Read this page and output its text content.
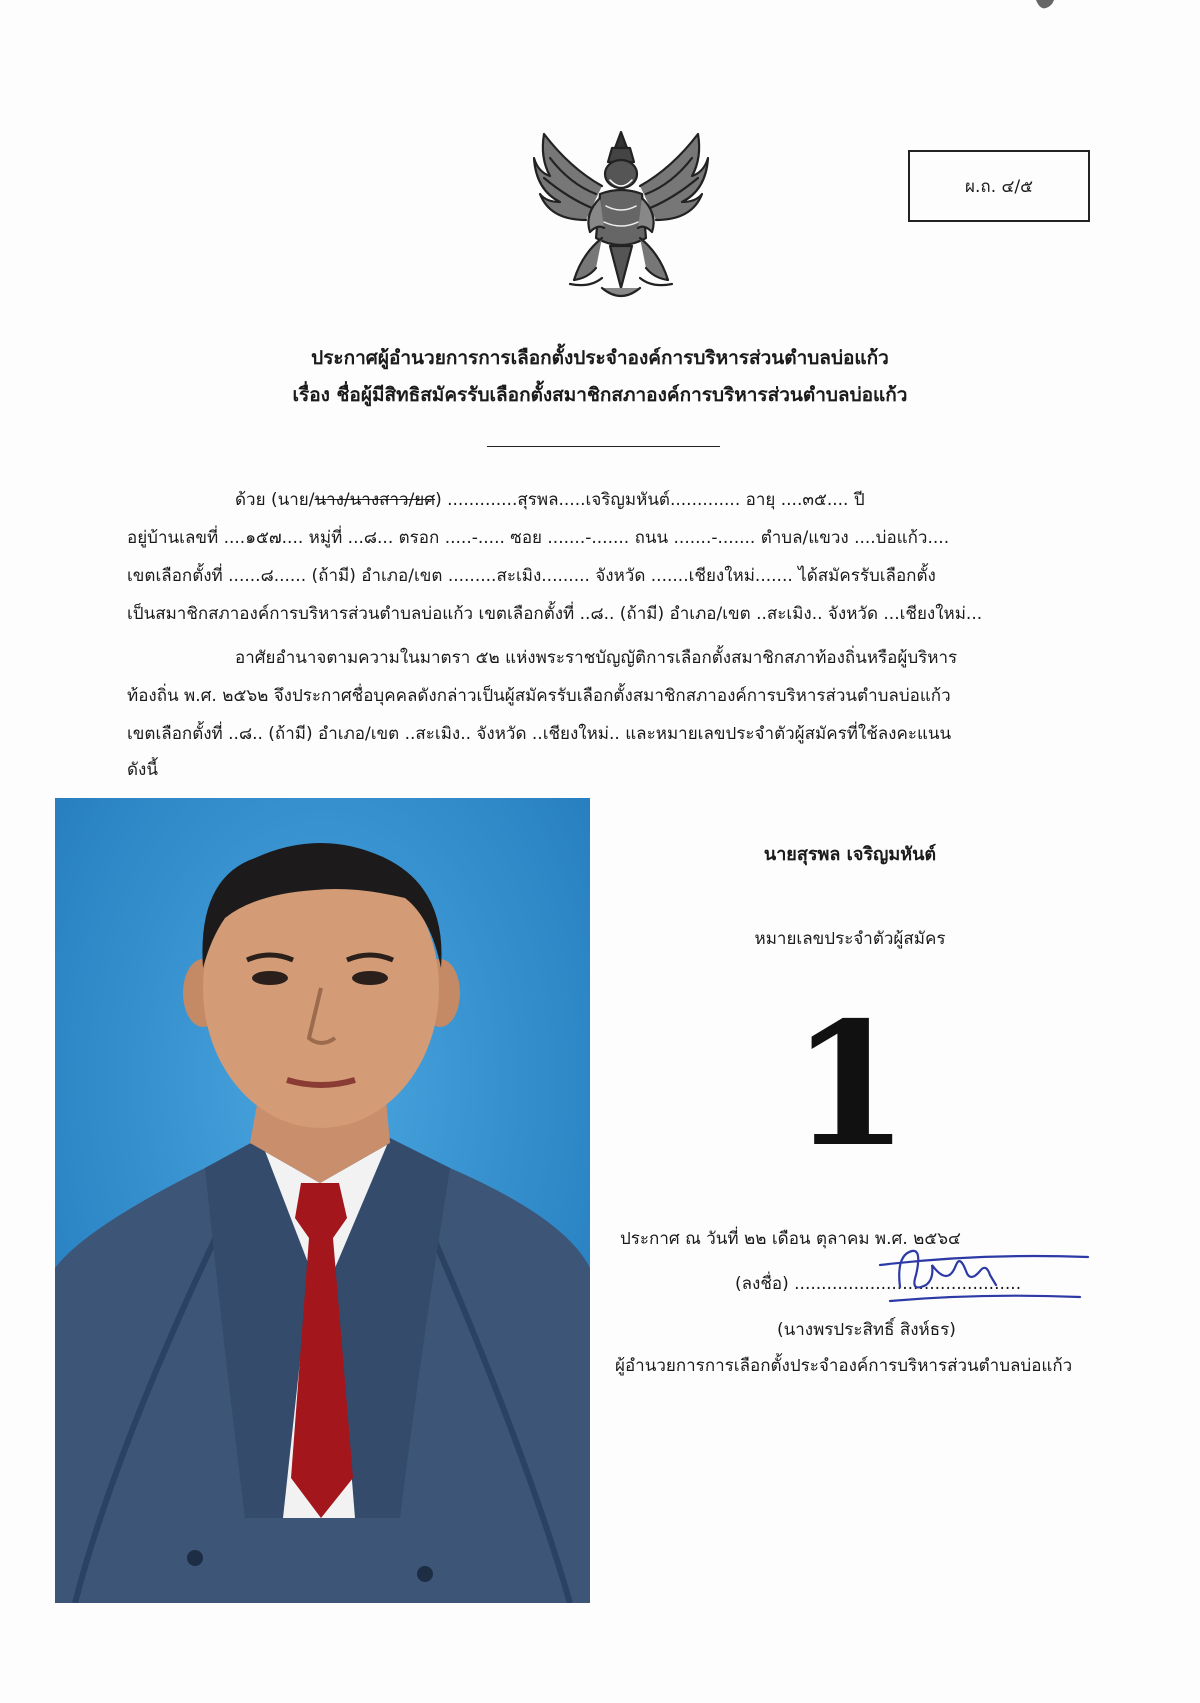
ผ.ถ. ๔/๕
ประกาศผู้อำนวยการการเลือกตั้งประจำองค์การบริหารส่วนตำบลบ่อแก้ว
เรื่อง ชื่อผู้มีสิทธิสมัครรับเลือกตั้งสมาชิกสภาองค์การบริหารส่วนตำบลบ่อแก้ว
ด้วย (นาย/นาง/นางสาว/ยศ) .............สุรพล.....เจริญมหันต์............. อายุ ....๓๕.... ปี
อยู่บ้านเลขที่ ....๑๕๗.... หมู่ที่ ...๘... ตรอก .....-..... ซอย .......-....... ถนน .......-....... ตำบล/แขวง ....บ่อแก้ว....
เขตเลือกตั้งที่ ......๘...... (ถ้ามี) อำเภอ/เขต .........สะเมิง......... จังหวัด .......เชียงใหม่....... ได้สมัครรับเลือกตั้ง
เป็นสมาชิกสภาองค์การบริหารส่วนตำบลบ่อแก้ว เขตเลือกตั้งที่ ..๘.. (ถ้ามี) อำเภอ/เขต ..สะเมิง.. จังหวัด ...เชียงใหม่...
อาศัยอำนาจตามความในมาตรา ๕๒ แห่งพระราชบัญญัติการเลือกตั้งสมาชิกสภาท้องถิ่นหรือผู้บริหาร
ท้องถิ่น พ.ศ. ๒๕๖๒ จึงประกาศชื่อบุคคลดังกล่าวเป็นผู้สมัครรับเลือกตั้งสมาชิกสภาองค์การบริหารส่วนตำบลบ่อแก้ว
เขตเลือกตั้งที่ ..๘.. (ถ้ามี) อำเภอ/เขต ..สะเมิง.. จังหวัด ..เชียงใหม่.. และหมายเลขประจำตัวผู้สมัครที่ใช้ลงคะแนน
ดังนี้
นายสุรพล เจริญมหันต์
หมายเลขประจำตัวผู้สมัคร
1
ประกาศ ณ วันที่ ๒๒ เดือน ตุลาคม พ.ศ. ๒๕๖๔
(ลงชื่อ) ..........................................
(นางพรประสิทธิ์ สิงห์ธร)
ผู้อำนวยการการเลือกตั้งประจำองค์การบริหารส่วนตำบลบ่อแก้ว
